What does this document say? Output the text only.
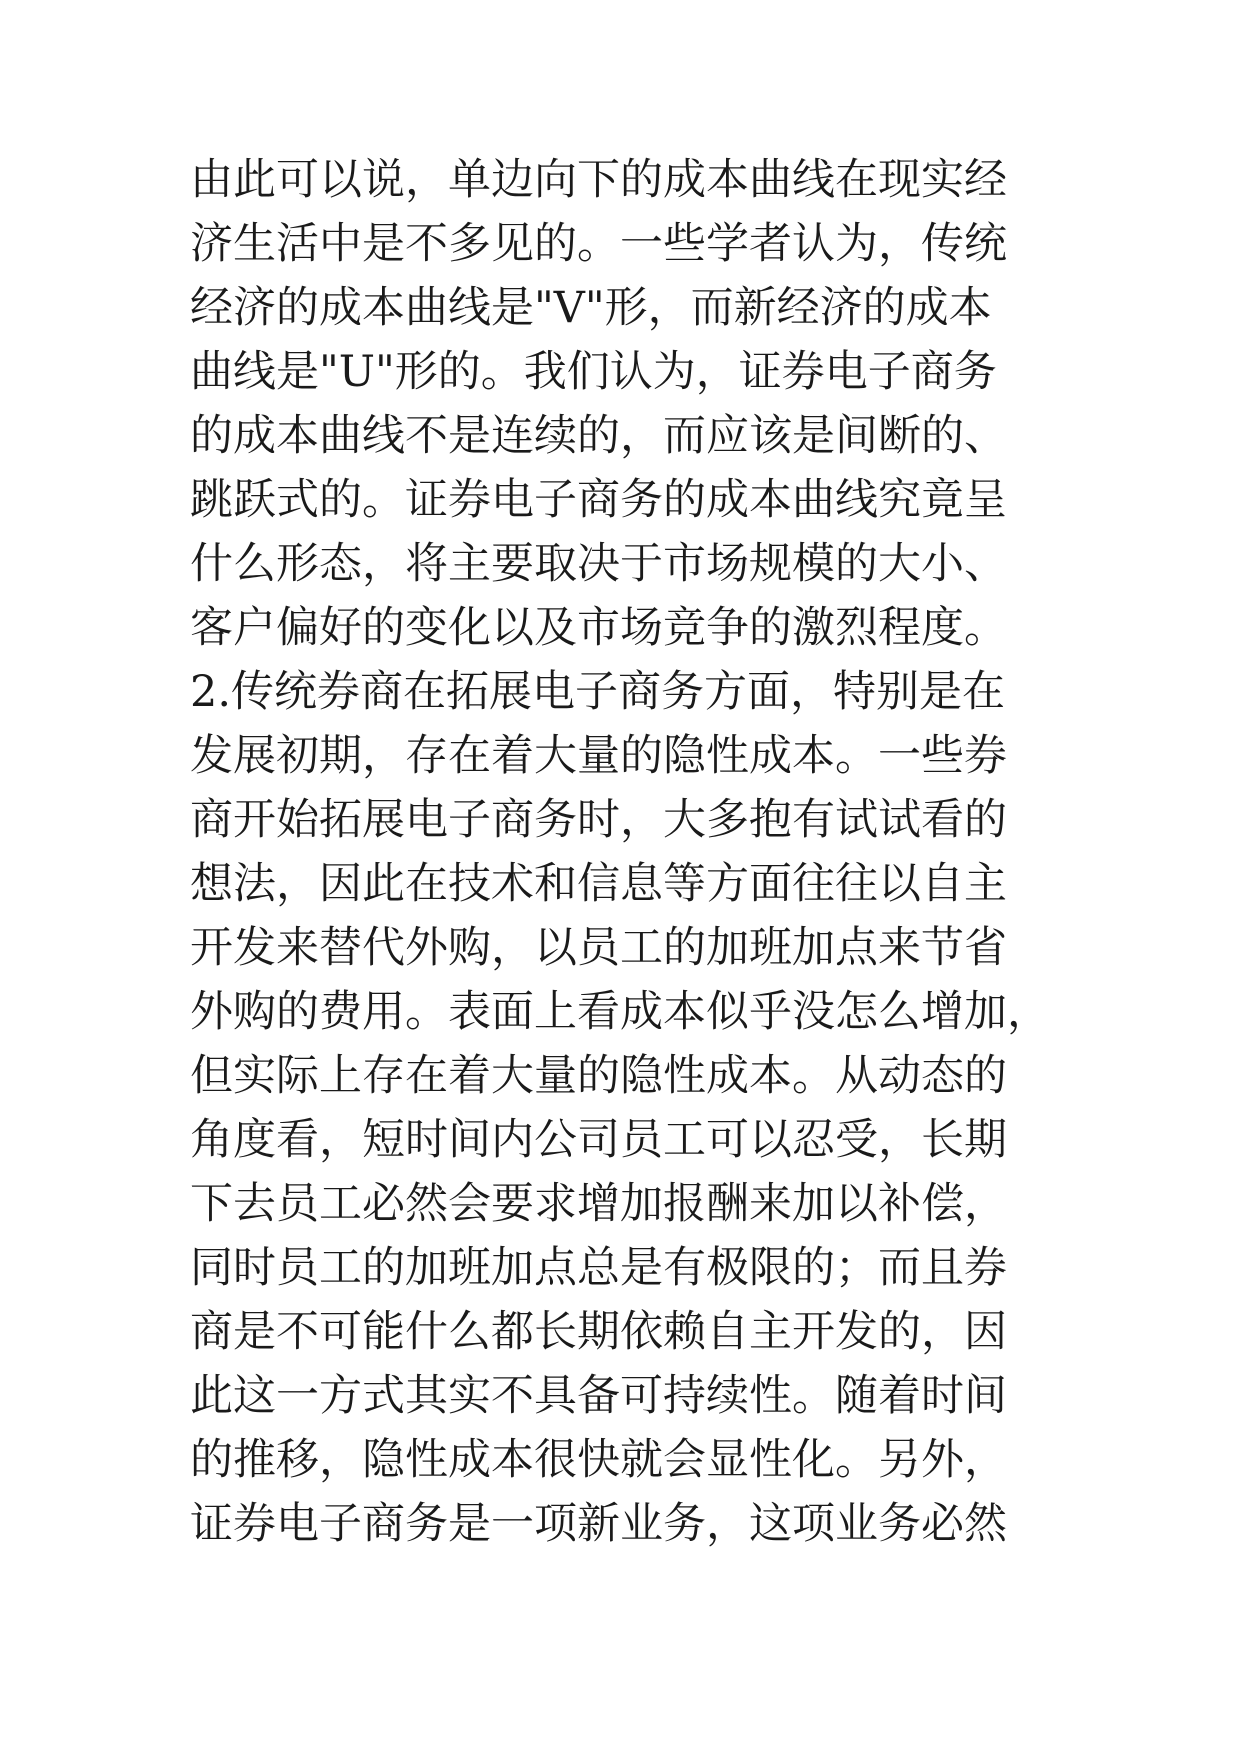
由此可以说，单边向下的成本曲线在现实经
济生活中是不多见的。一些学者认为，传统
经济的成本曲线是"V"形，而新经济的成本
曲线是"U"形的。我们认为，证券电子商务
的成本曲线不是连续的，而应该是间断的、
跳跃式的。证券电子商务的成本曲线究竟呈
什么形态，将主要取决于市场规模的大小、
客户偏好的变化以及市场竞争的激烈程度。
2.传统券商在拓展电子商务方面，特别是在
发展初期，存在着大量的隐性成本。一些券
商开始拓展电子商务时，大多抱有试试看的
想法，因此在技术和信息等方面往往以自主
开发来替代外购，以员工的加班加点来节省
外购的费用。表面上看成本似乎没怎么增加，
但实际上存在着大量的隐性成本。从动态的
角度看，短时间内公司员工可以忍受，长期
下去员工必然会要求增加报酬来加以补偿，
同时员工的加班加点总是有极限的；而且券
商是不可能什么都长期依赖自主开发的，因
此这一方式其实不具备可持续性。随着时间
的推移，隐性成本很快就会显性化。另外，
证券电子商务是一项新业务，这项业务必然
